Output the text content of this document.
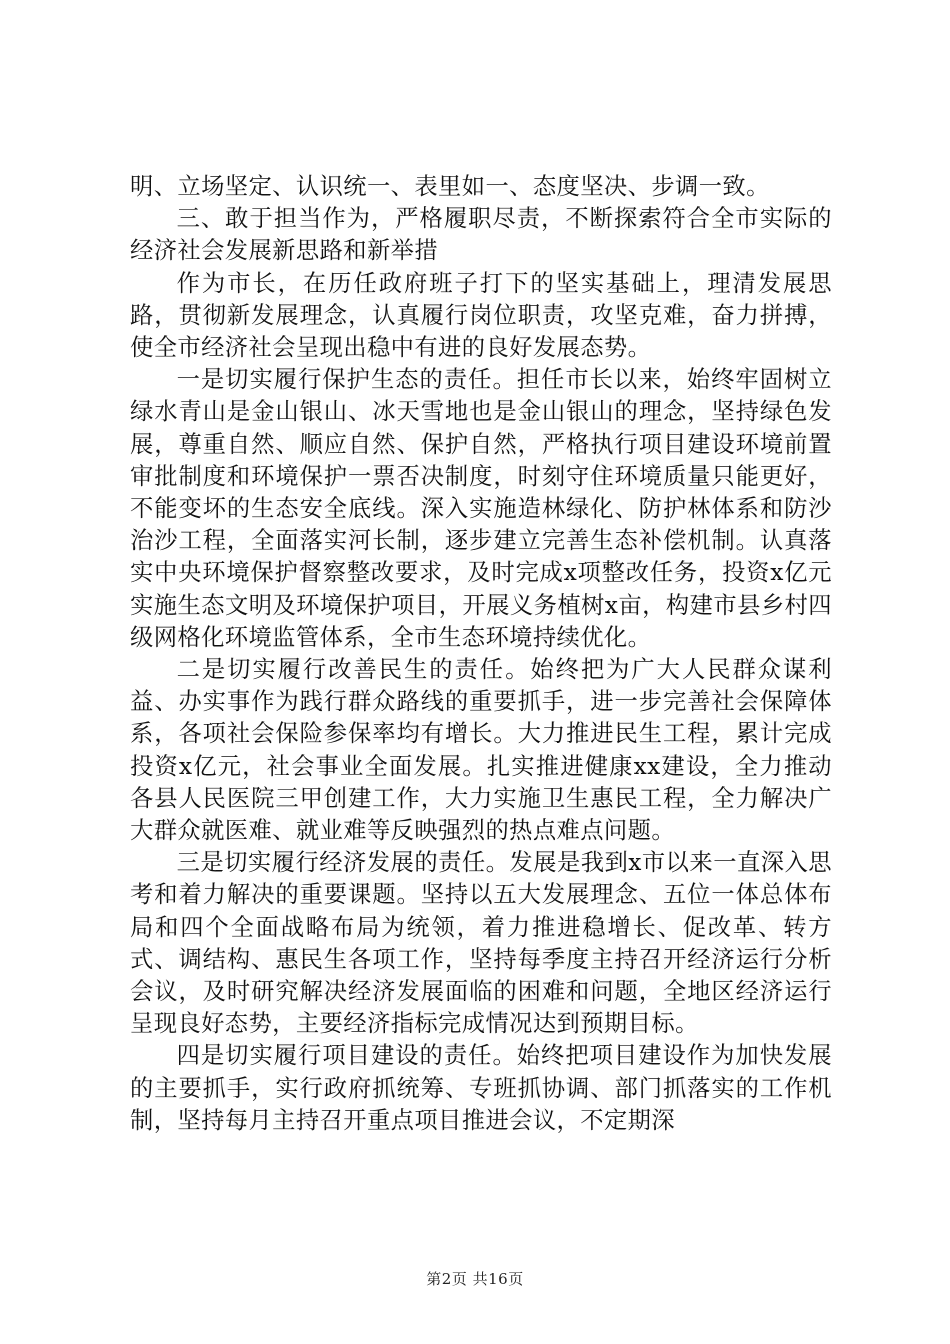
明、立场坚定、认识统一、表里如一、态度坚决、步调一致。

三、敢于担当作为，严格履职尽责，不断探索符合全市实际的经济社会发展新思路和新举措

作为市长，在历任政府班子打下的坚实基础上，理清发展思路，贯彻新发展理念，认真履行岗位职责，攻坚克难，奋力拼搏，使全市经济社会呈现出稳中有进的良好发展态势。

一是切实履行保护生态的责任。担任市长以来，始终牢固树立绿水青山是金山银山、冰天雪地也是金山银山的理念，坚持绿色发展，尊重自然、顺应自然、保护自然，严格执行项目建设环境前置审批制度和环境保护一票否决制度，时刻守住环境质量只能更好，不能变坏的生态安全底线。深入实施造林绿化、防护林体系和防沙治沙工程，全面落实河长制，逐步建立完善生态补偿机制。认真落实中央环境保护督察整改要求，及时完成x项整改任务，投资x亿元实施生态文明及环境保护项目，开展义务植树x亩，构建市县乡村四级网格化环境监管体系，全市生态环境持续优化。

二是切实履行改善民生的责任。始终把为广大人民群众谋利益、办实事作为践行群众路线的重要抓手，进一步完善社会保障体系，各项社会保险参保率均有增长。大力推进民生工程，累计完成投资x亿元，社会事业全面发展。扎实推进健康xx建设，全力推动各县人民医院三甲创建工作，大力实施卫生惠民工程，全力解决广大群众就医难、就业难等反映强烈的热点难点问题。

三是切实履行经济发展的责任。发展是我到x市以来一直深入思考和着力解决的重要课题。坚持以五大发展理念、五位一体总体布局和四个全面战略布局为统领，着力推进稳增长、促改革、转方式、调结构、惠民生各项工作，坚持每季度主持召开经济运行分析会议，及时研究解决经济发展面临的困难和问题，全地区经济运行呈现良好态势，主要经济指标完成情况达到预期目标。

四是切实履行项目建设的责任。始终把项目建设作为加快发展的主要抓手，实行政府抓统筹、专班抓协调、部门抓落实的工作机制，坚持每月主持召开重点项目推进会议，不定期深

第2页 共16页
